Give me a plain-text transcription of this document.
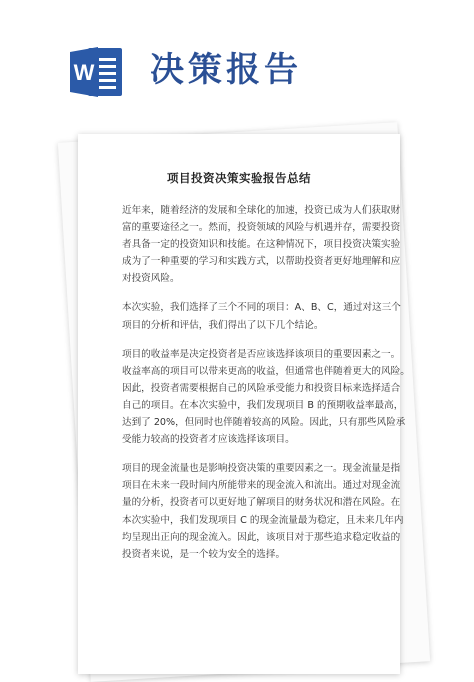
W 决策报告
项目投资决策实验报告总结
近年来，随着经济的发展和全球化的加速，投资已成为人们获取财
富的重要途径之一。然而，投资领域的风险与机遇并存，需要投资
者具备一定的投资知识和技能。在这种情况下，项目投资决策实验
成为了一种重要的学习和实践方式，以帮助投资者更好地理解和应
对投资风险。
本次实验，我们选择了三个不同的项目：A、B、C，通过对这三个
项目的分析和评估，我们得出了以下几个结论。
项目的收益率是决定投资者是否应该选择该项目的重要因素之一。
收益率高的项目可以带来更高的收益，但通常也伴随着更大的风险。
因此，投资者需要根据自己的风险承受能力和投资目标来选择适合
自己的项目。在本次实验中，我们发现项目 B 的预期收益率最高，
达到了 20%，但同时也伴随着较高的风险。因此，只有那些风险承
受能力较高的投资者才应该选择该项目。
项目的现金流量也是影响投资决策的重要因素之一。现金流量是指
项目在未来一段时间内所能带来的现金流入和流出。通过对现金流
量的分析，投资者可以更好地了解项目的财务状况和潜在风险。在
本次实验中，我们发现项目 C 的现金流量最为稳定，且未来几年内
均呈现出正向的现金流入。因此，该项目对于那些追求稳定收益的
投资者来说，是一个较为安全的选择。
